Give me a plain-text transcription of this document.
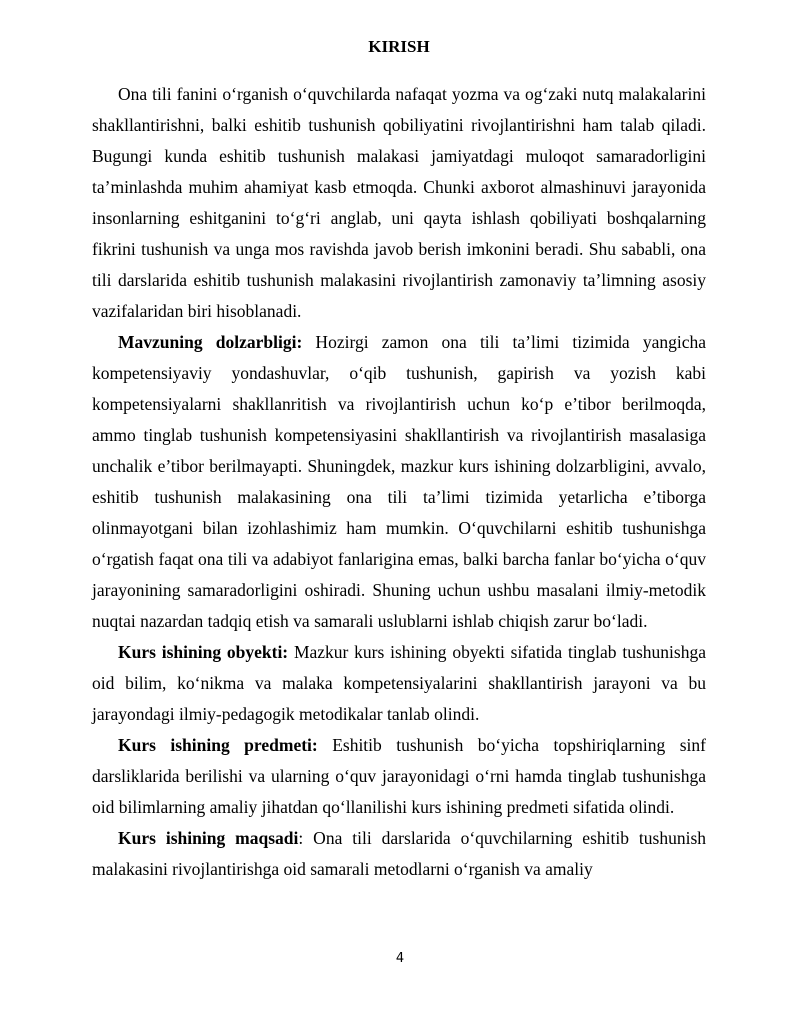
KIRISH

Ona tili fanini o‘rganish o‘quvchilarda nafaqat yozma va og‘zaki nutq malakalarini shakllantirishni, balki eshitib tushunish qobiliyatini rivojlantirishni ham talab qiladi. Bugungi kunda eshitib tushunish malakasi jamiyatdagi muloqot samaradorligini ta’minlashda muhim ahamiyat kasb etmoqda. Chunki axborot almashinuvi jarayonida insonlarning eshitganini to‘g‘ri anglab, uni qayta ishlash qobiliyati boshqalarning fikrini tushunish va unga mos ravishda javob berish imkonini beradi. Shu sababli, ona tili darslarida eshitib tushunish malakasini rivojlantirish zamonaviy ta’limning asosiy vazifalaridan biri hisoblanadi.

Mavzuning dolzarbligi: Hozirgi zamon ona tili ta’limi tizimida yangicha kompetensiyaviy yondashuvlar, o‘qib tushunish, gapirish va yozish kabi kompetensiyalarni shakllanritish va rivojlantirish uchun ko‘p e’tibor berilmoqda, ammo tinglab tushunish kompetensiyasini shakllantirish va rivojlantirish masalasiga unchalik e’tibor berilmayapti. Shuningdek, mazkur kurs ishining dolzarbligini, avvalo, eshitib tushunish malakasining ona tili ta’limi tizimida yetarlicha e’tiborga olinmayotgani bilan izohlashimiz ham mumkin. O‘quvchilarni eshitib tushunishga o‘rgatish faqat ona tili va adabiyot fanlarigina emas, balki barcha fanlar bo‘yicha o‘quv jarayonining samaradorligini oshiradi. Shuning uchun ushbu masalani ilmiy-metodik nuqtai nazardan tadqiq etish va samarali uslublarni ishlab chiqish zarur bo‘ladi.

Kurs ishining obyekti: Mazkur kurs ishining obyekti sifatida tinglab tushunishga oid bilim, ko‘nikma va malaka kompetensiyalarini shakllantirish jarayoni va bu jarayondagi ilmiy-pedagogik metodikalar tanlab olindi.

Kurs ishining predmeti: Eshitib tushunish bo‘yicha topshiriqlarning sinf darsliklarida berilishi va ularning o‘quv jarayonidagi o‘rni hamda tinglab tushunishga oid bilimlarning amaliy jihatdan qo‘llanilishi kurs ishining predmeti sifatida olindi.

Kurs ishining maqsadi: Ona tili darslarida o‘quvchilarning eshitib tushunish malakasini rivojlantirishga oid samarali metodlarni o‘rganish va amaliy

4
